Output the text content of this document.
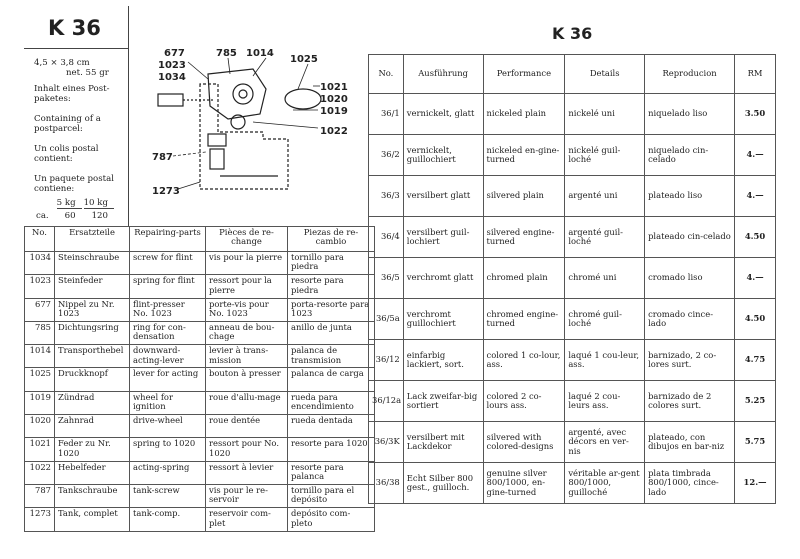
K 36	K 36
4,5 × 3,8 cm
net. 55 gr
Inhalt eines Post-
paketes:
Containing of a
postparcel:
Un colis postal
contient:
Un paquete postal
contiene:
	5 kg	10 kg
ca.	60	120
677
1023
1034
785 1014
1025
1021
1020
1019
1022
787
1273
No.	Ersatzteile	Repairing-parts	Pièces de re-
change	Piezas de re-
cambio
1034	Steinschraube	screw for flint	vis pour la pierre	tornillo para piedra
1023	Steinfeder	spring for flint	ressort pour la pierre	resorte para piedra
677	Nippel zu Nr. 1023	flint-presser No. 1023	porte-vis pour No. 1023	porta-resorte para 1023
785	Dichtungsring	ring for con-densation	anneau de bou-chage	anillo de junta
1014	Transporthebel	downward-acting-lever	levier à trans-mission	palanca de transmision
1025	Druckknopf	lever for acting	bouton à presser	palanca de carga
1019	Zündrad	wheel for ignition	roue d'allu-mage	rueda para encendimiento
1020	Zahnrad	drive-wheel	roue dentée	rueda dentada
1021	Feder zu Nr. 1020	spring to 1020	ressort pour No. 1020	resorte para 1020
1022	Hebelfeder	acting-spring	ressort à levier	resorte para palanca
787	Tankschraube	tank-screw	vis pour le re-servoir	tornillo para el depósito
1273	Tank, complet	tank-comp.	reservoir com-plet	depósito com-pleto
No.	Ausführung	Performance	Details	Reproducion	RM
36/1	vernickelt, glatt	nickeled plain	nickelé uni	niquelado liso	3.50
36/2	vernickelt, guillochiert	nickeled en-gine-turned	nickelé guil-loché	niquelado cin-celado	4.—
36/3	versilbert glatt	silvered plain	argenté uni	plateado liso	4.—
36/4	versilbert guil-lochiert	silvered engine-turned	argenté guil-loché	plateado cin-celado	4.50
36/5	verchromt glatt	chromed plain	chromé uni	cromado liso	4.—
36/5a	verchromt guillochiert	chromed engine-turned	chromé guil-loché	cromado cince-lado	4.50
36/12	einfarbig lackiert, sort.	colored 1 co-lour, ass.	laqué 1 cou-leur, ass.	barnizado, 2 co-lores surt.	4.75
36/12a	Lack zweifar-big sortiert	colored 2 co-lours ass.	laqué 2 cou-leurs ass.	barnizado de 2 colores surt.	5.25
36/3K	versilbert mit Lackdekor	silvered with colored-designs	argenté, avec décors en ver-nis	plateado, con dibujos en bar-niz	5.75
36/38	Echt Silber 800 gest., guilloch.	genuine silver 800/1000, en-gine-turned	véritable ar-gent 800/1000, guilloché	plata timbrada 800/1000, cince-lado	12.—
